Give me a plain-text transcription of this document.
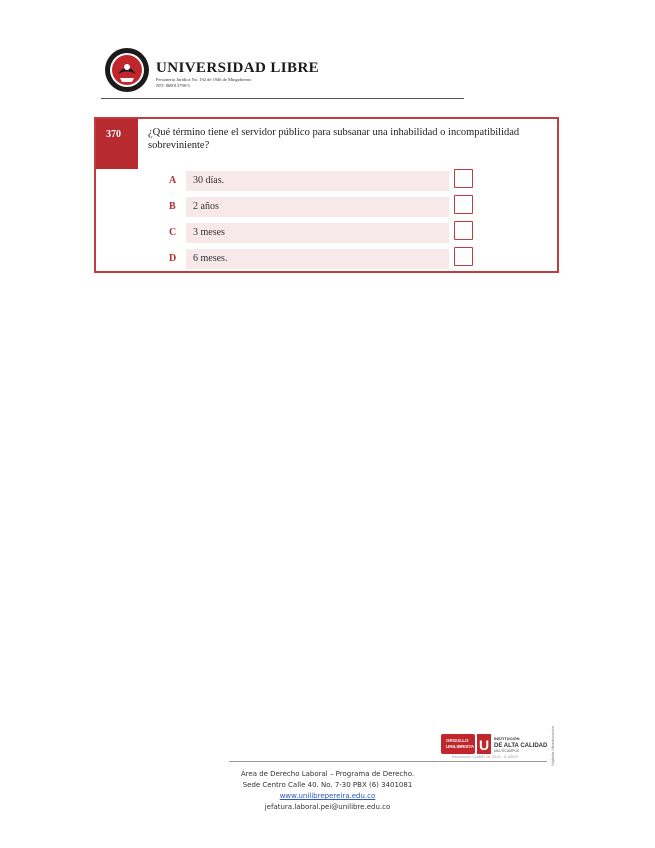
UNIVERSIDAD LIBRE
Personería Jurídica No. 192 de 1946 de Mingobierno
NIT: 860013798-5
370	¿Qué término tiene el servidor público para subsanar una inhabilidad o incompatibilidad sobreviniente?
A 30 días.
B 2 años
C 3 meses
D 6 meses.
ORGULLO
UNILIBRISTA U INSTITUCIÓN
DE ALTA CALIDAD
MULTICAMPUS
Resolución 016892 de 2016 · 8 AÑOS	Vigilada Mineducación
Área de Derecho Laboral – Programa de Derecho.
Sede Centro Calle 40. No. 7-30 PBX (6) 3401081
www.unilibrepereira.edu.co
jefatura.laboral.pei@unilibre.edu.co
